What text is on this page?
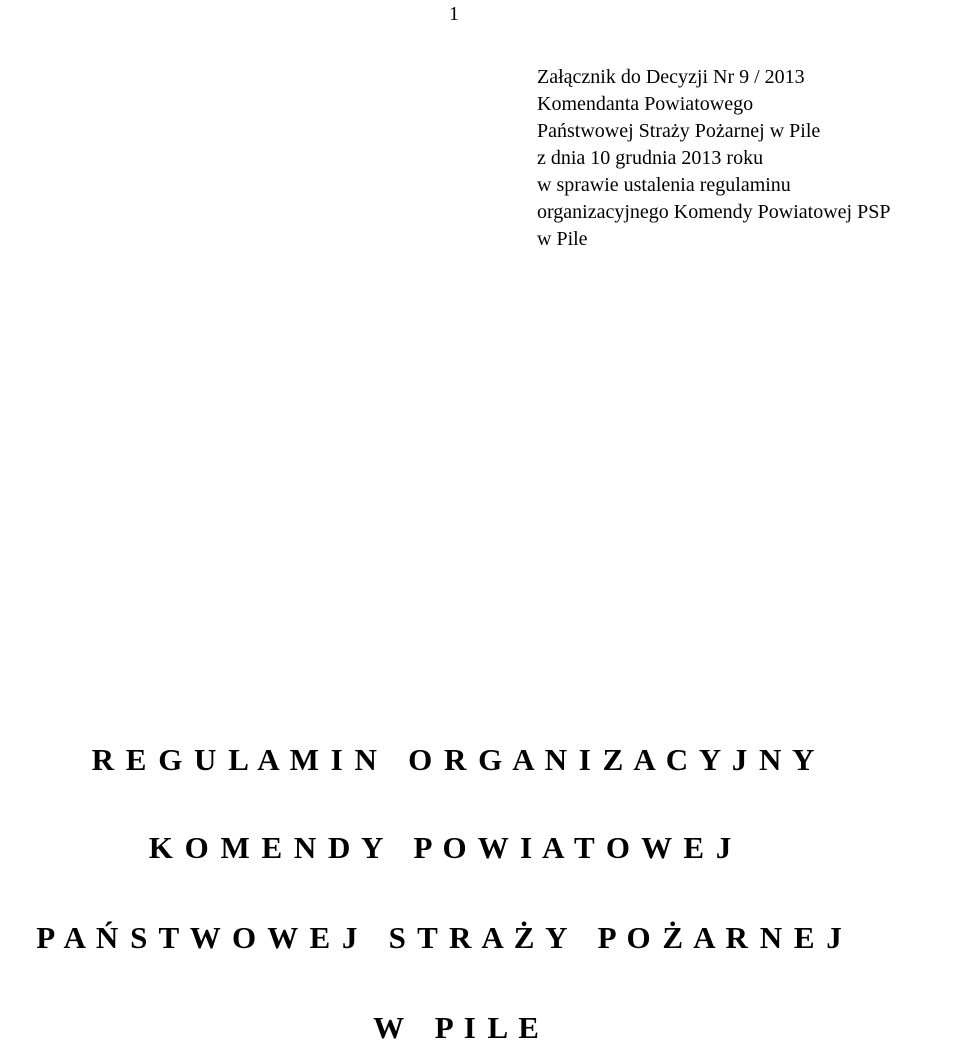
1
Załącznik do Decyzji Nr 9 / 2013
Komendanta Powiatowego
Państwowej Straży Pożarnej w Pile
z dnia 10 grudnia 2013 roku
w sprawie ustalenia regulaminu
organizacyjnego Komendy Powiatowej PSP
w Pile
R E G U L A M I N   O R G A N I Z A C Y J N Y
K O M E N D Y   P O W I A T O W E J
P A Ń S T W O W E J   S T R A Ż Y   P O Ż A R N E J
W   P I L E
